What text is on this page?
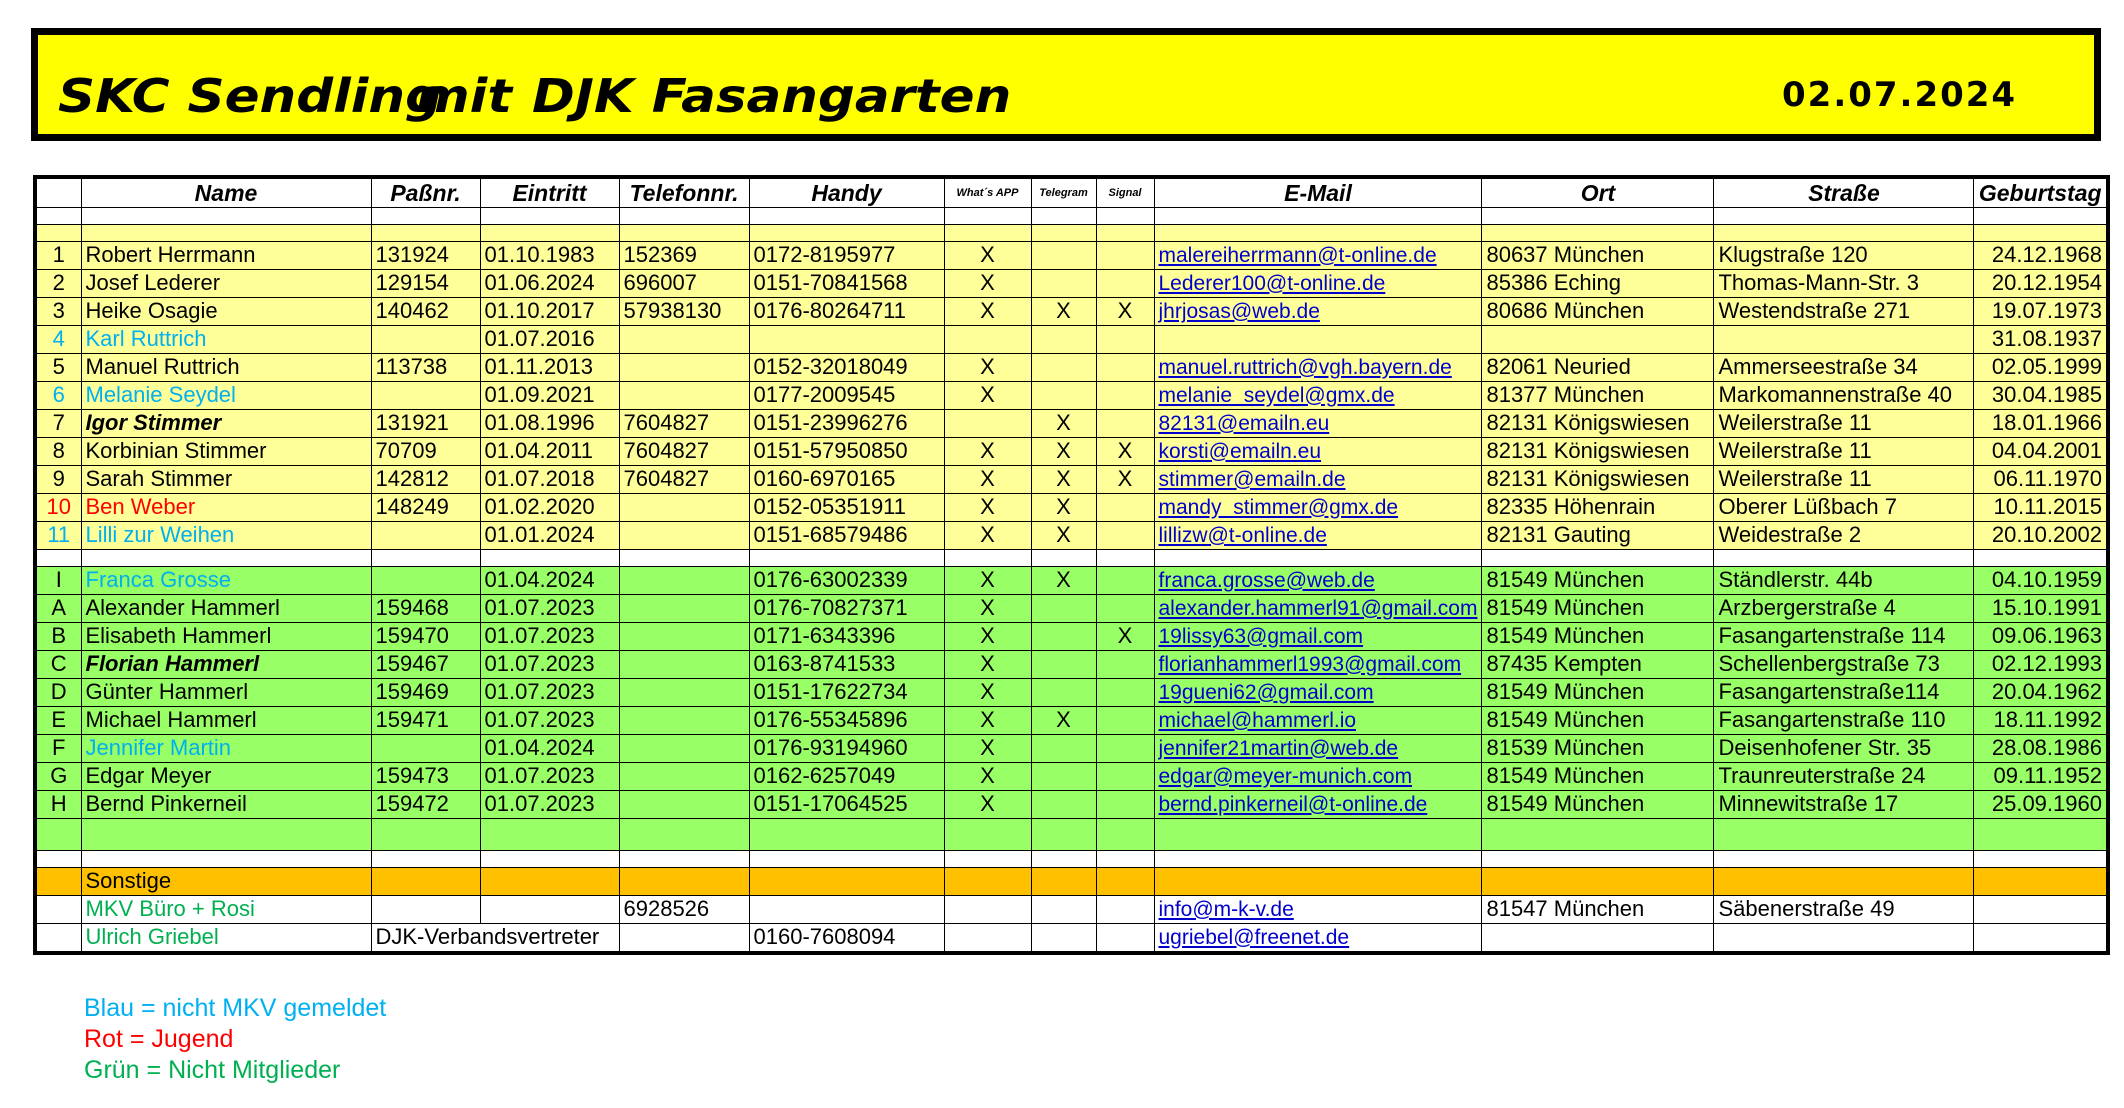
SKC Sendling
mit DJK Fasangarten	02.07.2024
	Name	Paßnr.	Eintritt	Telefonnr.	Handy	What´s APP	Telegram	Signal	E-Mail	Ort	Straße	Geburtstag

1	Robert Herrmann	131924	01.10.1983	152369	0172-8195977	X			malereiherrmann@t-online.de	80637 München	Klugstraße 120	24.12.1968
2	Josef Lederer	129154	01.06.2024	696007	0151-70841568	X			Lederer100@t-online.de	85386 Eching	Thomas-Mann-Str. 3	20.12.1954
3	Heike Osagie	140462	01.10.2017	57938130	0176-80264711	X	X	X	jhrjosas@web.de	80686 München	Westendstraße 271	19.07.1973
4	Karl Ruttrich		01.07.2016									31.08.1937
5	Manuel Ruttrich	113738	01.11.2013		0152-32018049	X			manuel.ruttrich@vgh.bayern.de	82061 Neuried	Ammerseestraße 34	02.05.1999
6	Melanie Seydel		01.09.2021		0177-2009545	X			melanie_seydel@gmx.de	81377 München	Markomannenstraße 40	30.04.1985
7	Igor Stimmer	131921	01.08.1996	7604827	0151-23996276		X		82131@emailn.eu	82131 Königswiesen	Weilerstraße 11	18.01.1966
8	Korbinian Stimmer	70709	01.04.2011	7604827	0151-57950850	X	X	X	korsti@emailn.eu	82131 Königswiesen	Weilerstraße 11	04.04.2001
9	Sarah Stimmer	142812	01.07.2018	7604827	0160-6970165	X	X	X	stimmer@emailn.de	82131 Königswiesen	Weilerstraße 11	06.11.1970
10	Ben Weber	148249	01.02.2020		0152-05351911	X	X		mandy_stimmer@gmx.de	82335 Höhenrain	Oberer Lüßbach 7	10.11.2015
11	Lilli zur Weihen		01.01.2024		0151-68579486	X	X		lillizw@t-online.de	82131 Gauting	Weidestraße 2	20.10.2002

I	Franca Grosse		01.04.2024		0176-63002339	X	X		franca.grosse@web.de	81549 München	Ständlerstr. 44b	04.10.1959
A	Alexander Hammerl	159468	01.07.2023		0176-70827371	X			alexander.hammerl91@gmail.com	81549 München	Arzbergerstraße 4	15.10.1991
B	Elisabeth Hammerl	159470	01.07.2023		0171-6343396	X		X	19lissy63@gmail.com	81549 München	Fasangartenstraße 114	09.06.1963
C	Florian Hammerl	159467	01.07.2023		0163-8741533	X			florianhammerl1993@gmail.com	87435 Kempten	Schellenbergstraße 73	02.12.1993
D	Günter Hammerl	159469	01.07.2023		0151-17622734	X			19gueni62@gmail.com	81549 München	Fasangartenstraße114	20.04.1962
E	Michael Hammerl	159471	01.07.2023		0176-55345896	X	X		michael@hammerl.io	81549 München	Fasangartenstraße 110	18.11.1992
F	Jennifer Martin		01.04.2024		0176-93194960	X			jennifer21martin@web.de	81539 München	Deisenhofener Str. 35	28.08.1986
G	Edgar Meyer	159473	01.07.2023		0162-6257049	X			edgar@meyer-munich.com	81549 München	Traunreuterstraße 24	09.11.1952
H	Bernd Pinkerneil	159472	01.07.2023		0151-17064525	X			bernd.pinkerneil@t-online.de	81549 München	Minnewitstraße 17	25.09.1960

	Sonstige											
	MKV Büro + Rosi			6928526					info@m-k-v.de	81547 München	Säbenerstraße 49	
	Ulrich Griebel	DJK-Verbandsvertreter			0160-7608094				ugriebel@freenet.de			
Blau = nicht MKV gemeldet
Rot = Jugend
Grün = Nicht Mitglieder
